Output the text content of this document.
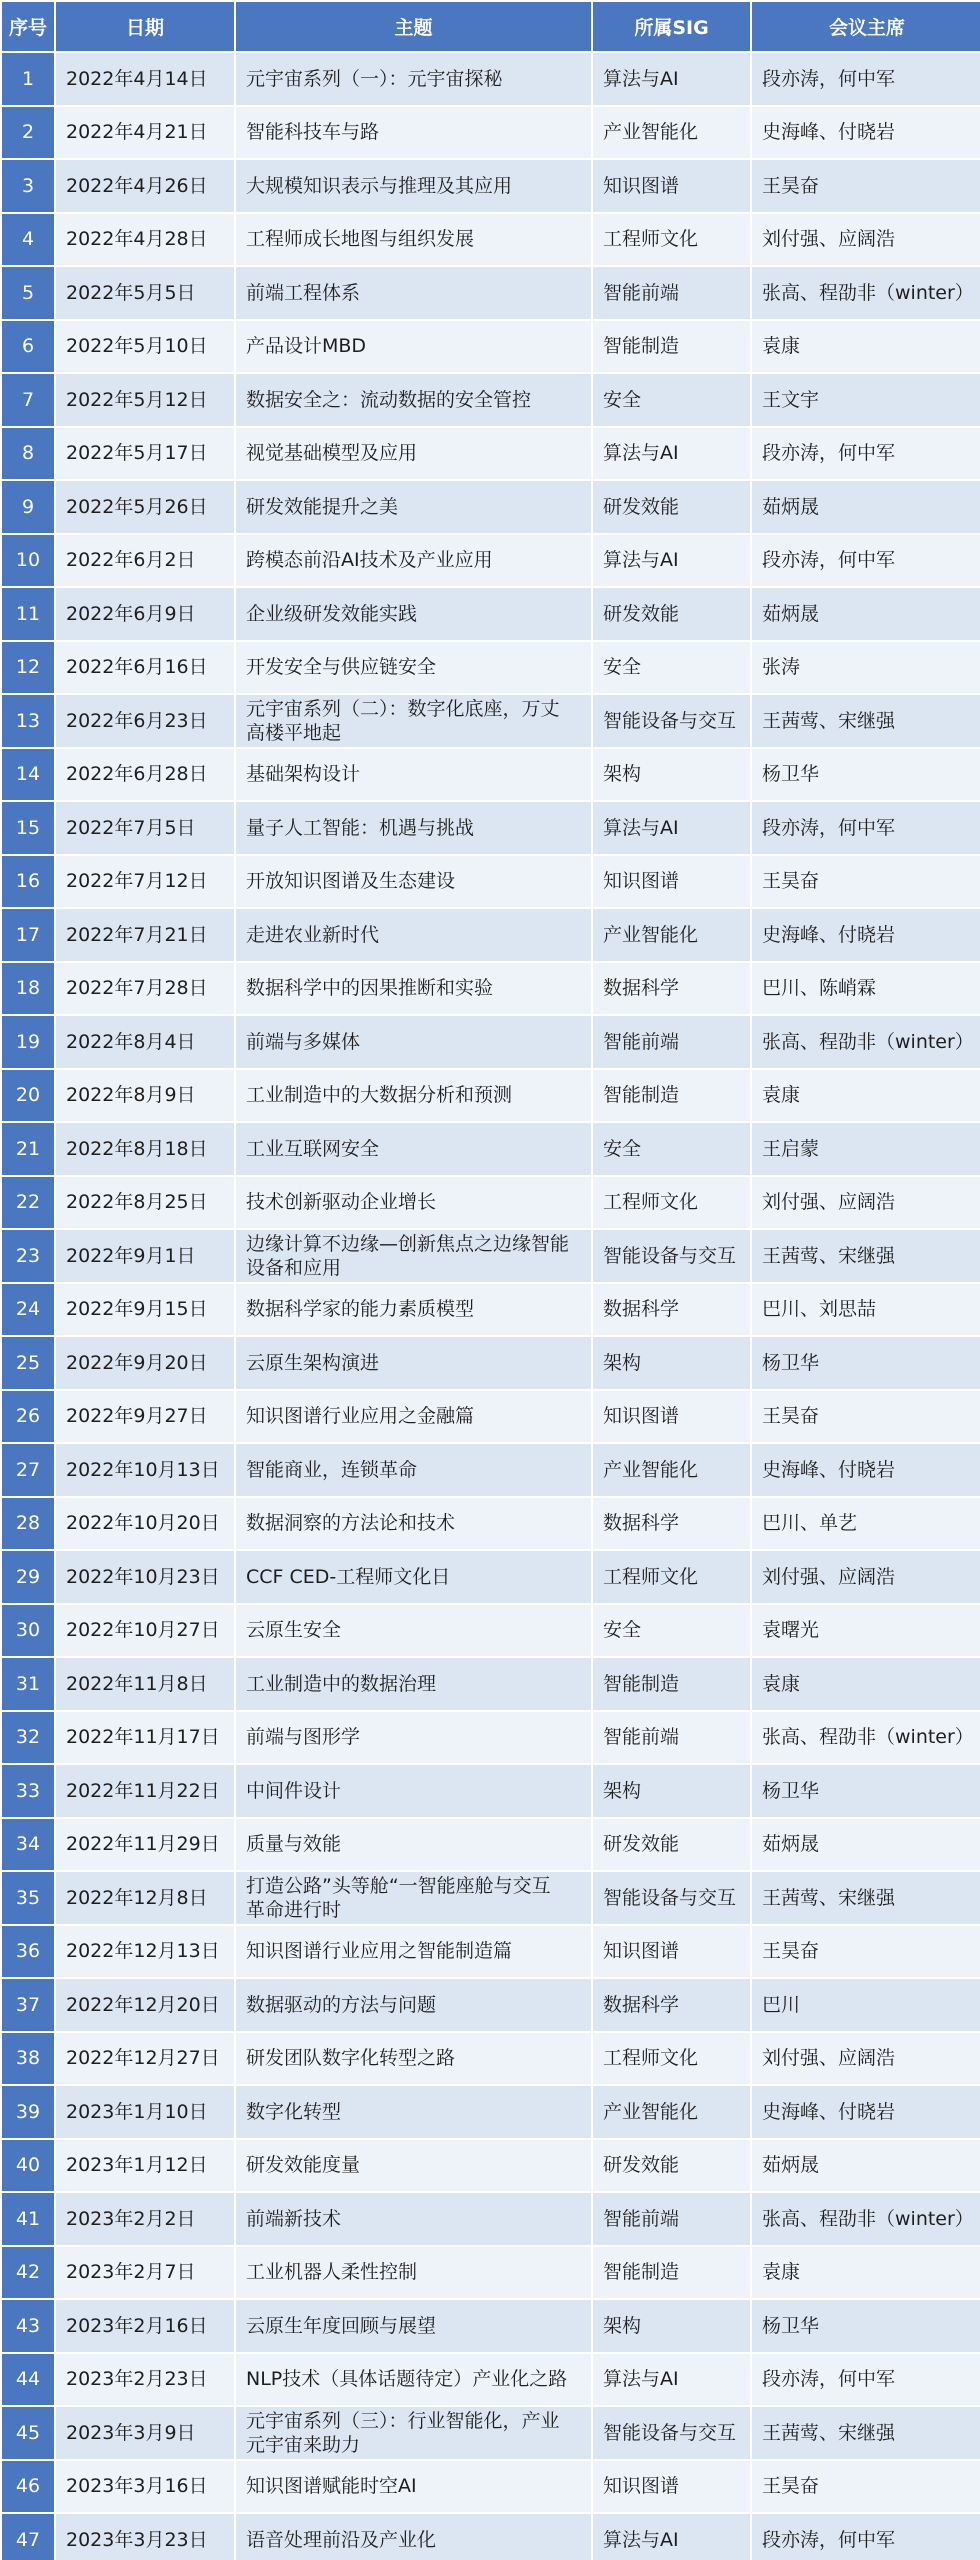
序号	日期	主题	所属SIG	会议主席
1	2022年4月14日	元宇宙系列（一）：元宇宙探秘	算法与AI	段亦涛，何中军
2	2022年4月21日	智能科技车与路	产业智能化	史海峰、付晓岩
3	2022年4月26日	大规模知识表示与推理及其应用	知识图谱	王昊奋
4	2022年4月28日	工程师成长地图与组织发展	工程师文化	刘付强、应阔浩
5	2022年5月5日	前端工程体系	智能前端	张高、程劭非（winter）
6	2022年5月10日	产品设计MBD	智能制造	袁康
7	2022年5月12日	数据安全之：流动数据的安全管控	安全	王文宇
8	2022年5月17日	视觉基础模型及应用	算法与AI	段亦涛，何中军
9	2022年5月26日	研发效能提升之美	研发效能	茹炳晟
10	2022年6月2日	跨模态前沿AI技术及产业应用	算法与AI	段亦涛，何中军
11	2022年6月9日	企业级研发效能实践	研发效能	茹炳晟
12	2022年6月16日	开发安全与供应链安全	安全	张涛
13	2022年6月23日	元宇宙系列（二）：数字化底座，万丈
高楼平地起	智能设备与交互	王茜莺、宋继强
14	2022年6月28日	基础架构设计	架构	杨卫华
15	2022年7月5日	量子人工智能：机遇与挑战	算法与AI	段亦涛，何中军
16	2022年7月12日	开放知识图谱及生态建设	知识图谱	王昊奋
17	2022年7月21日	走进农业新时代	产业智能化	史海峰、付晓岩
18	2022年7月28日	数据科学中的因果推断和实验	数据科学	巴川、陈峭霖
19	2022年8月4日	前端与多媒体	智能前端	张高、程劭非（winter）
20	2022年8月9日	工业制造中的大数据分析和预测	智能制造	袁康
21	2022年8月18日	工业互联网安全	安全	王启蒙
22	2022年8月25日	技术创新驱动企业增长	工程师文化	刘付强、应阔浩
23	2022年9月1日	边缘计算不边缘—创新焦点之边缘智能
设备和应用	智能设备与交互	王茜莺、宋继强
24	2022年9月15日	数据科学家的能力素质模型	数据科学	巴川、刘思喆
25	2022年9月20日	云原生架构演进	架构	杨卫华
26	2022年9月27日	知识图谱行业应用之金融篇	知识图谱	王昊奋
27	2022年10月13日	智能商业，连锁革命	产业智能化	史海峰、付晓岩
28	2022年10月20日	数据洞察的方法论和技术	数据科学	巴川、单艺
29	2022年10月23日	CCF CED-工程师文化日	工程师文化	刘付强、应阔浩
30	2022年10月27日	云原生安全	安全	袁曙光
31	2022年11月8日	工业制造中的数据治理	智能制造	袁康
32	2022年11月17日	前端与图形学	智能前端	张高、程劭非（winter）
33	2022年11月22日	中间件设计	架构	杨卫华
34	2022年11月29日	质量与效能	研发效能	茹炳晟
35	2022年12月8日	打造公路”头等舱“一智能座舱与交互
革命进行时	智能设备与交互	王茜莺、宋继强
36	2022年12月13日	知识图谱行业应用之智能制造篇	知识图谱	王昊奋
37	2022年12月20日	数据驱动的方法与问题	数据科学	巴川
38	2022年12月27日	研发团队数字化转型之路	工程师文化	刘付强、应阔浩
39	2023年1月10日	数字化转型	产业智能化	史海峰、付晓岩
40	2023年1月12日	研发效能度量	研发效能	茹炳晟
41	2023年2月2日	前端新技术	智能前端	张高、程劭非（winter）
42	2023年2月7日	工业机器人柔性控制	智能制造	袁康
43	2023年2月16日	云原生年度回顾与展望	架构	杨卫华
44	2023年2月23日	NLP技术（具体话题待定）产业化之路	算法与AI	段亦涛，何中军
45	2023年3月9日	元宇宙系列（三）：行业智能化，产业
元宇宙来助力	智能设备与交互	王茜莺、宋继强
46	2023年3月16日	知识图谱赋能时空AI	知识图谱	王昊奋
47	2023年3月23日	语音处理前沿及产业化	算法与AI	段亦涛，何中军
